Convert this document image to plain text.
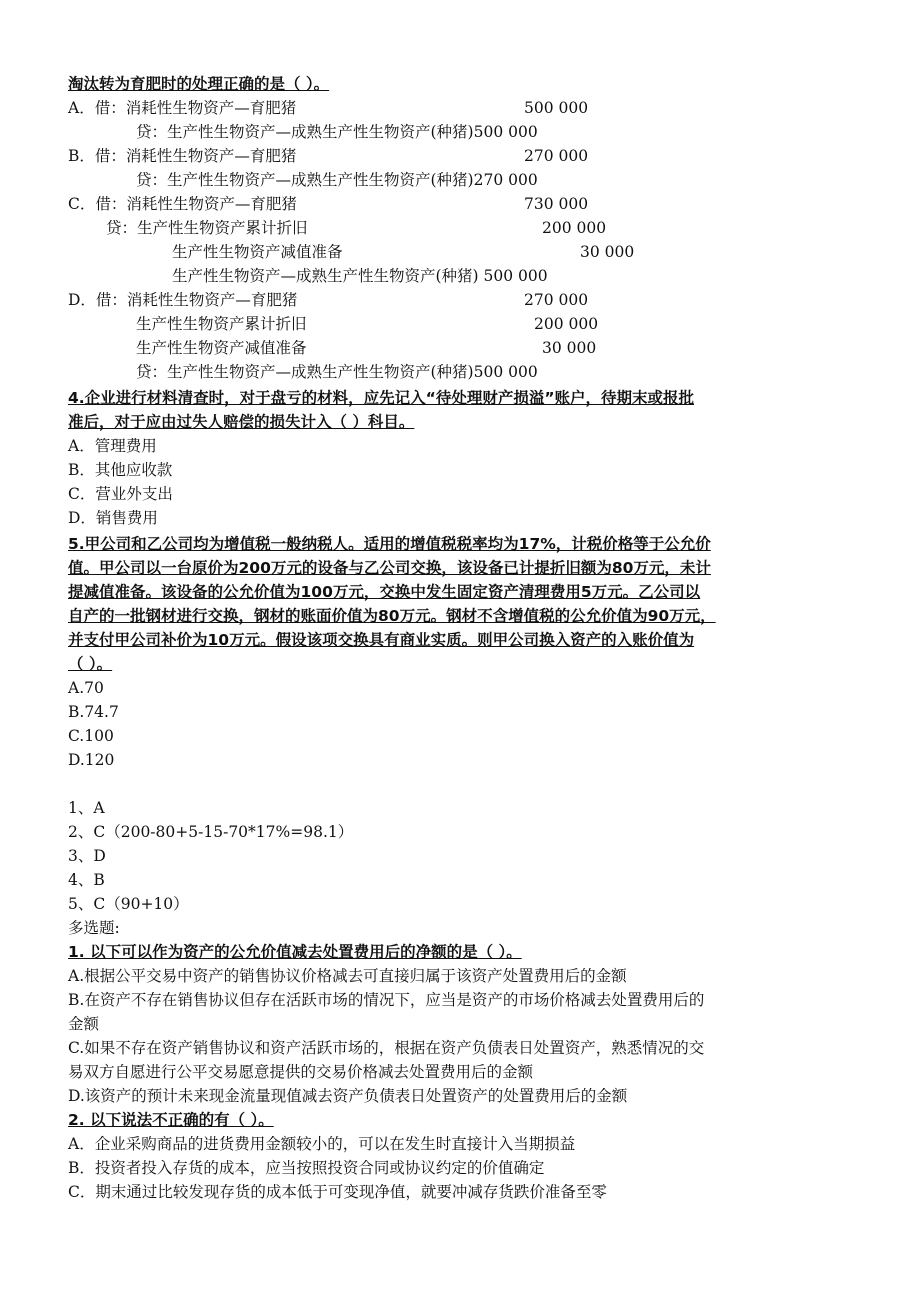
淘汰转为育肥时的处理正确的是（ ）。
A．借：消耗性生物资产—育肥猪	500 000
贷：生产性生物资产—成熟生产性生物资产(种猪)500 000
B．借：消耗性生物资产—育肥猪	270 000
贷：生产性生物资产—成熟生产性生物资产(种猪)270 000
C．借：消耗性生物资产—育肥猪	730 000
贷：生产性生物资产累计折旧	200 000
生产性生物资产减值准备	30 000
生产性生物资产—成熟生产性生物资产(种猪) 500 000
D．借：消耗性生物资产—育肥猪	270 000
生产性生物资产累计折旧	200 000
生产性生物资产减值准备	30 000
贷：生产性生物资产—成熟生产性生物资产(种猪)500 000
4.企业进行材料清查时，对于盘亏的材料，应先记入“待处理财产损溢”账户，待期末或报批
准后，对于应由过失人赔偿的损失计入（ ）科目。
A．管理费用
B．其他应收款
C．营业外支出
D．销售费用
5.甲公司和乙公司均为增值税一般纳税人。适用的增值税税率均为17%，计税价格等于公允价
值。甲公司以一台原价为200万元的设备与乙公司交换，该设备已计提折旧额为80万元，未计
提减值准备。该设备的公允价值为100万元，交换中发生固定资产清理费用5万元。乙公司以
自产的一批钢材进行交换，钢材的账面价值为80万元。钢材不含增值税的公允价值为90万元，
并支付甲公司补价为10万元。假设该项交换具有商业实质。则甲公司换入资产的入账价值为
（ ）。
A.70
B.74.7
C.100
D.120
1、A
2、C（200-80+5-15-70*17%=98.1）
3、D
4、B
5、C（90+10）
多选题:
1. 以下可以作为资产的公允价值减去处置费用后的净额的是（ ）。
A.根据公平交易中资产的销售协议价格减去可直接归属于该资产处置费用后的金额
B.在资产不存在销售协议但存在活跃市场的情况下，应当是资产的市场价格减去处置费用后的
金额
C.如果不存在资产销售协议和资产活跃市场的，根据在资产负债表日处置资产，熟悉情况的交
易双方自愿进行公平交易愿意提供的交易价格减去处置费用后的金额
D.该资产的预计未来现金流量现值减去资产负债表日处置资产的处置费用后的金额
2. 以下说法不正确的有（ ）。
A．企业采购商品的进货费用金额较小的，可以在发生时直接计入当期损益
B．投资者投入存货的成本，应当按照投资合同或协议约定的价值确定
C．期末通过比较发现存货的成本低于可变现净值，就要冲减存货跌价准备至零
